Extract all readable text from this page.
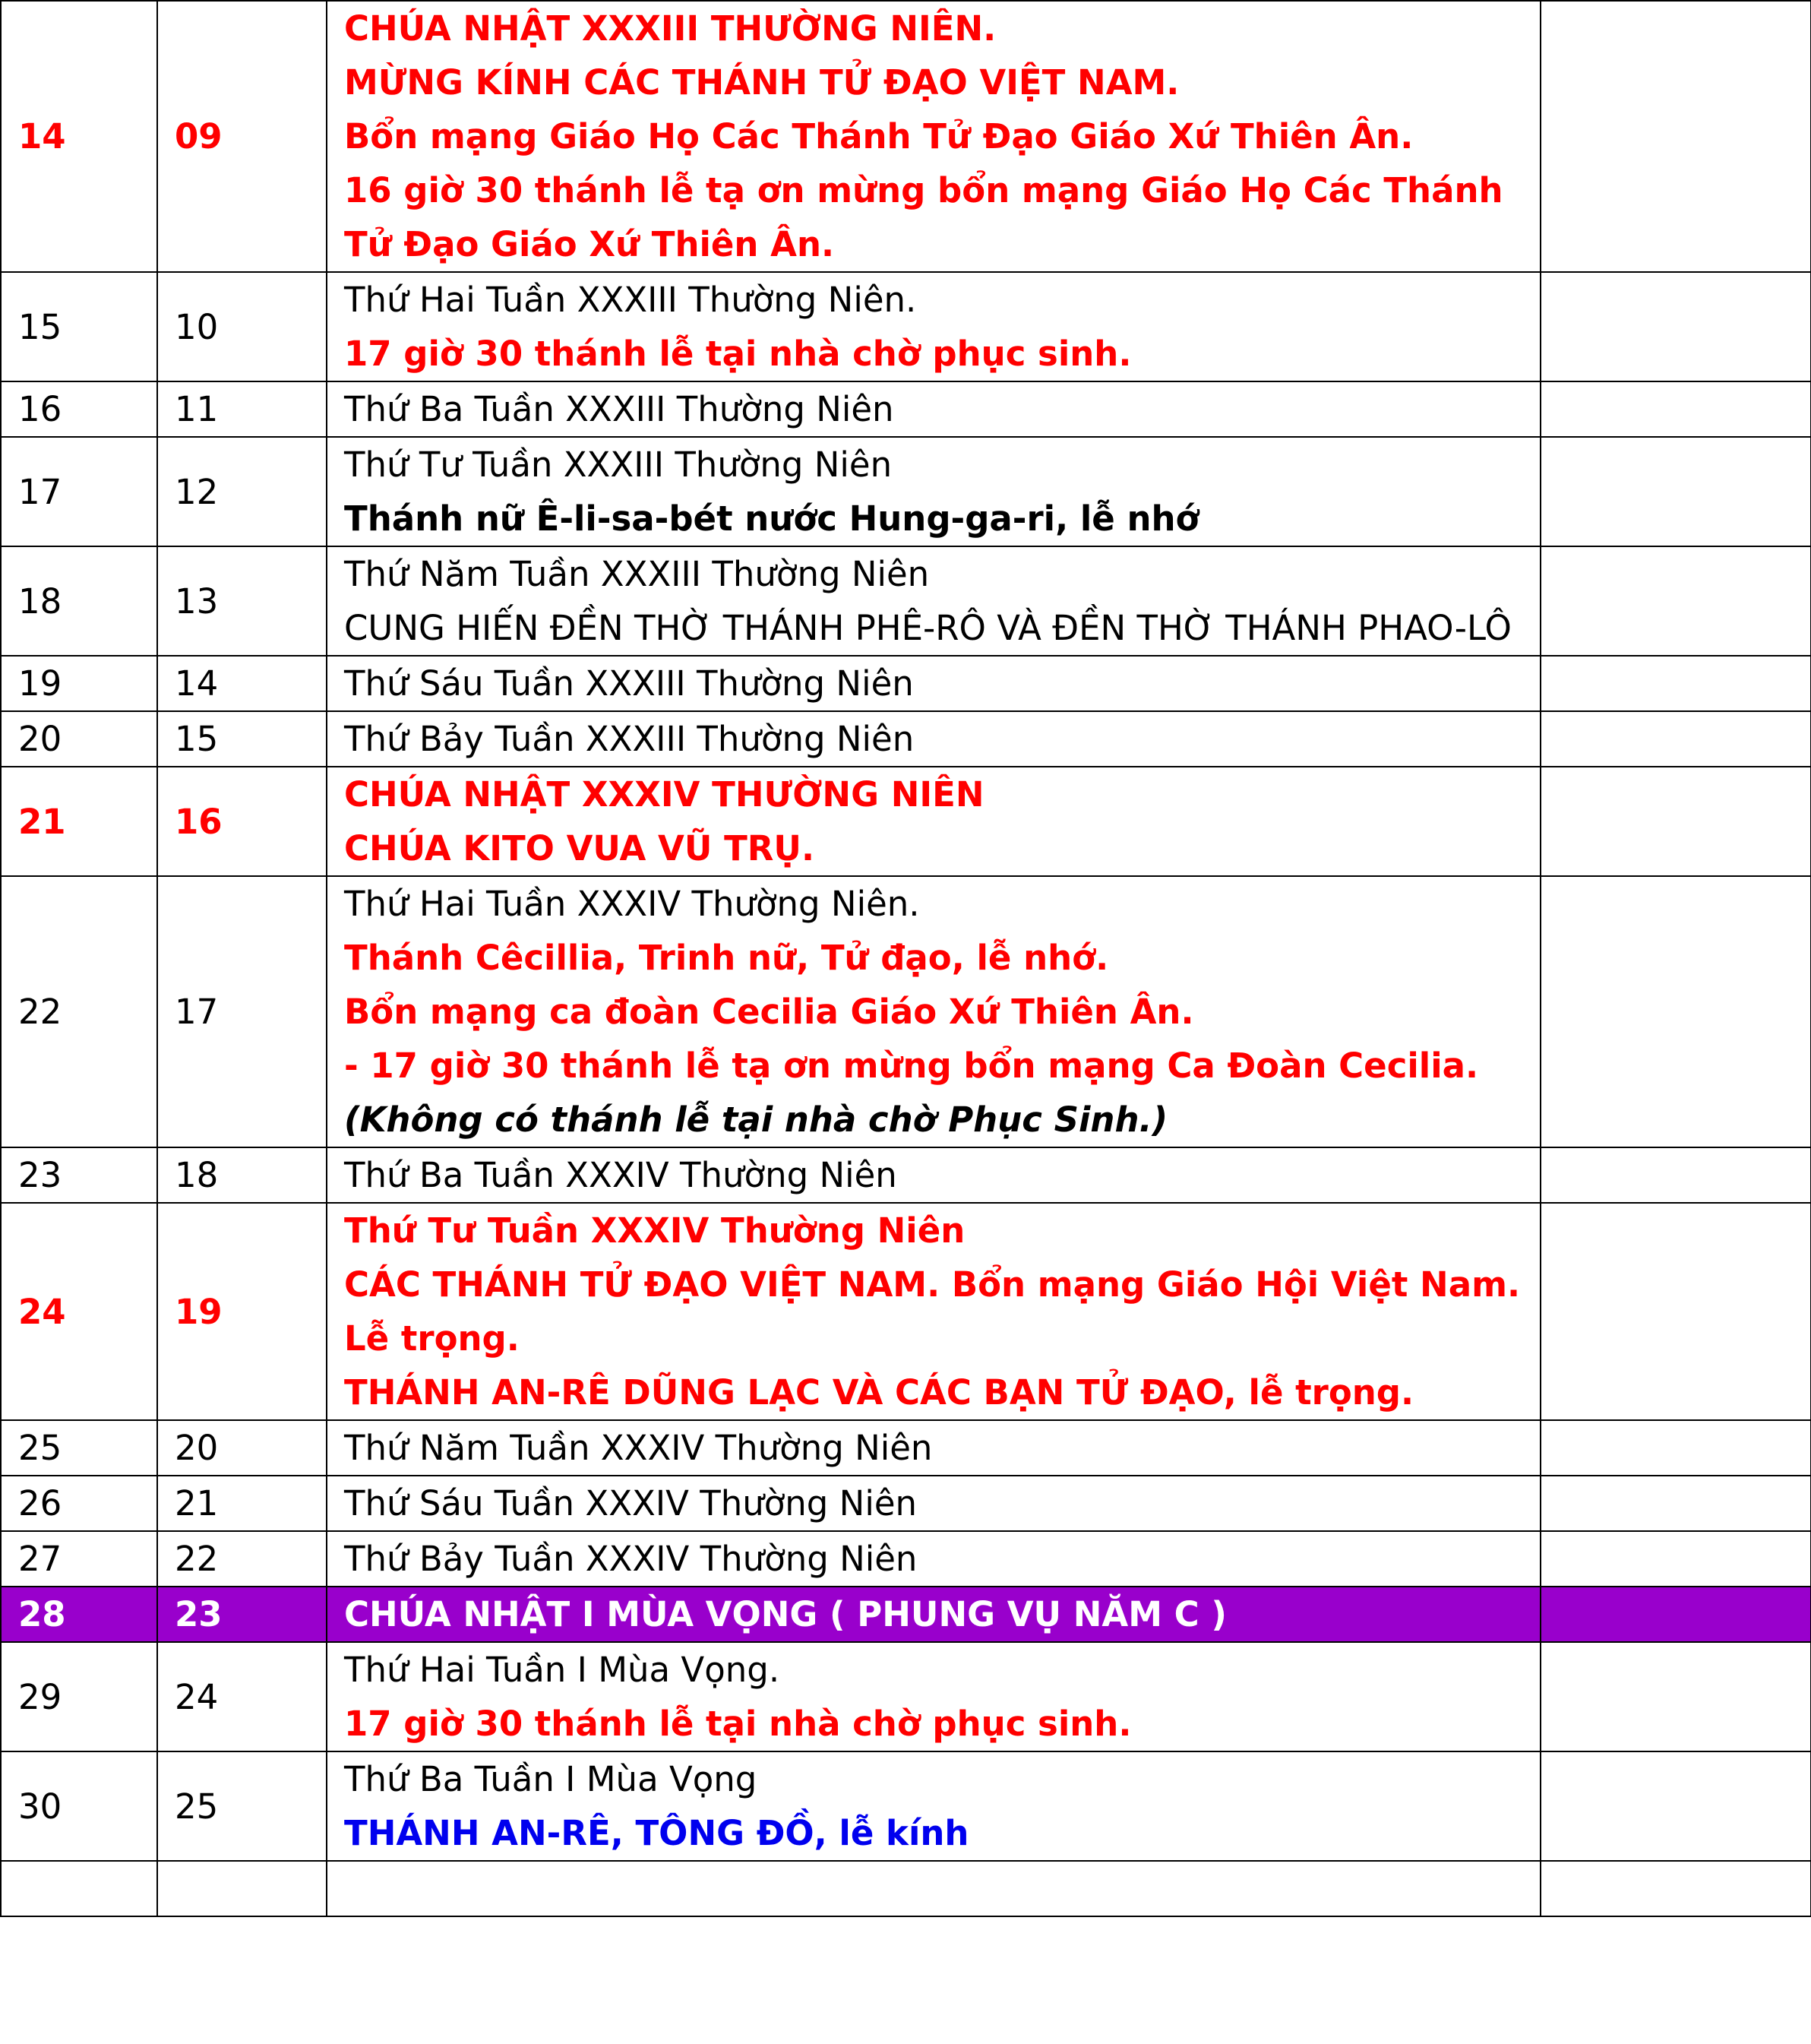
14	09	CHÚA NHẬT XXXIII THƯỜNG NIÊN.
MỪNG KÍNH CÁC THÁNH TỬ ĐẠO VIỆT NAM.
Bổn mạng Giáo Họ Các Thánh Tử Đạo Giáo Xứ Thiên Ân.
16 giờ 30 thánh lễ tạ ơn mừng bổn mạng Giáo Họ Các Thánh Tử Đạo Giáo Xứ Thiên Ân.	

15	10	Thứ Hai Tuần XXXIII Thường Niên.
17 giờ 30 thánh lễ tại nhà chờ phục sinh.	

16	11	Thứ Ba Tuần XXXIII Thường Niên	

17	12	Thứ Tư Tuần XXXIII Thường Niên
Thánh nữ Ê-li-sa-bét nước Hung-ga-ri, lễ nhớ	

18	13	Thứ Năm Tuần XXXIII Thường Niên
CUNG HIẾN ĐỀN THỜ THÁNH PHÊ-RÔ VÀ ĐỀN THỜ THÁNH PHAO-LÔ	

19	14	Thứ Sáu Tuần XXXIII Thường Niên	

20	15	Thứ Bảy Tuần XXXIII Thường Niên	

21	16	CHÚA NHẬT XXXIV THƯỜNG NIÊN
CHÚA KITO VUA VŨ TRỤ.	

22	17	Thứ Hai Tuần XXXIV Thường Niên.
Thánh Cêcillia, Trinh nữ, Tử đạo, lễ nhớ.
Bổn mạng ca đoàn Cecilia Giáo Xứ Thiên Ân.
- 17 giờ 30 thánh lễ tạ ơn mừng bổn mạng Ca Đoàn Cecilia.
(Không có thánh lễ tại nhà chờ Phục Sinh.)	

23	18	Thứ Ba Tuần XXXIV Thường Niên	

24	19	Thứ Tư Tuần XXXIV Thường Niên
CÁC THÁNH TỬ ĐẠO VIỆT NAM. Bổn mạng Giáo Hội Việt Nam. Lễ trọng.
THÁNH AN-RÊ DŨNG LẠC VÀ CÁC BẠN TỬ ĐẠO, lễ trọng.	

25	20	Thứ Năm Tuần XXXIV Thường Niên	

26	21	Thứ Sáu Tuần XXXIV Thường Niên	

27	22	Thứ Bảy Tuần XXXIV Thường Niên	

28	23	CHÚA NHẬT I MÙA VỌNG ( PHUNG VỤ NĂM C )	

29	24	Thứ Hai Tuần I Mùa Vọng.
17 giờ 30 thánh lễ tại nhà chờ phục sinh.	

30	25	Thứ Ba Tuần I Mùa Vọng
THÁNH AN-RÊ, TÔNG ĐỒ, lễ kính	
